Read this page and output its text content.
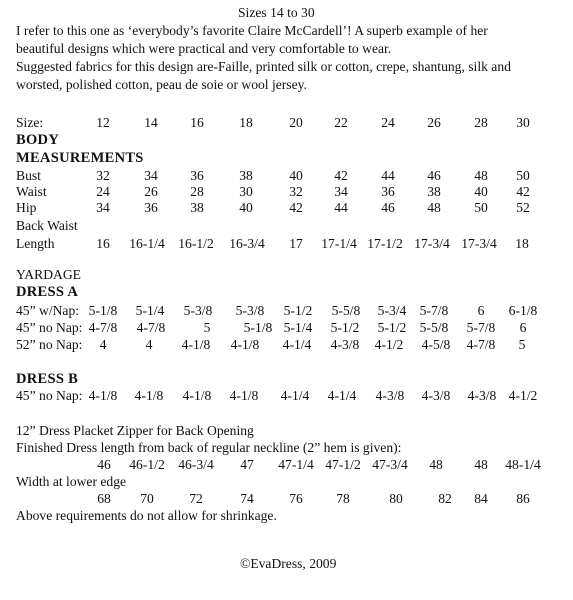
Sizes 14 to 30
I refer to this one as ‘everybody’s favorite Claire McCardell’! A superb example of her
beautiful designs which were practical and very comfortable to wear.
Suggested fabrics for this design are-Faille, printed silk or cotton, crepe, shantung, silk and
worsted, polished cotton, peau de soie or wool jersey.
Size:	12	14 16	18	20 22 24 26 28 30
BODY
MEASUREMENTS
Bust	32	34 36	38	40 42 44 46 48 50
Waist	24	26 28	30	32 34 36 38 40 42
Hip	34	36 38	40	42 44 46 48 50 52
Back Waist
Length	16 16-1/4 16-1/2 16-3/4 17 17-1/4 17-1/2 17-3/4 17-3/4 18
YARDAGE
DRESS A
45” w/Nap: 5-1/8 5-1/4 5-3/8 5-3/8 5-1/2 5-5/8 5-3/4 5-7/8 6 6-1/8
45” no Nap: 4-7/8 4-7/8	5 5-1/8 5-1/4 5-1/2 5-1/2 5-5/8 5-7/8 6
52” no Nap: 4	4 4-1/8 4-1/8 4-1/4 4-3/8 4-1/2 4-5/8 4-7/8 5
DRESS B
45” no Nap: 4-1/8 4-1/8 4-1/8 4-1/8 4-1/4 4-1/4 4-3/8 4-3/8 4-3/8 4-1/2
12” Dress Placket Zipper for Back Opening
Finished Dress length from back of regular neckline (2” hem is given):
46 46-1/2 46-3/4 47 47-1/4 47-1/2 47-3/4 48 48 48-1/4
Width at lower edge
68 70	72	74	76 78	80	82 84 86
Above requirements do not allow for shrinkage.
©EvaDress, 2009
